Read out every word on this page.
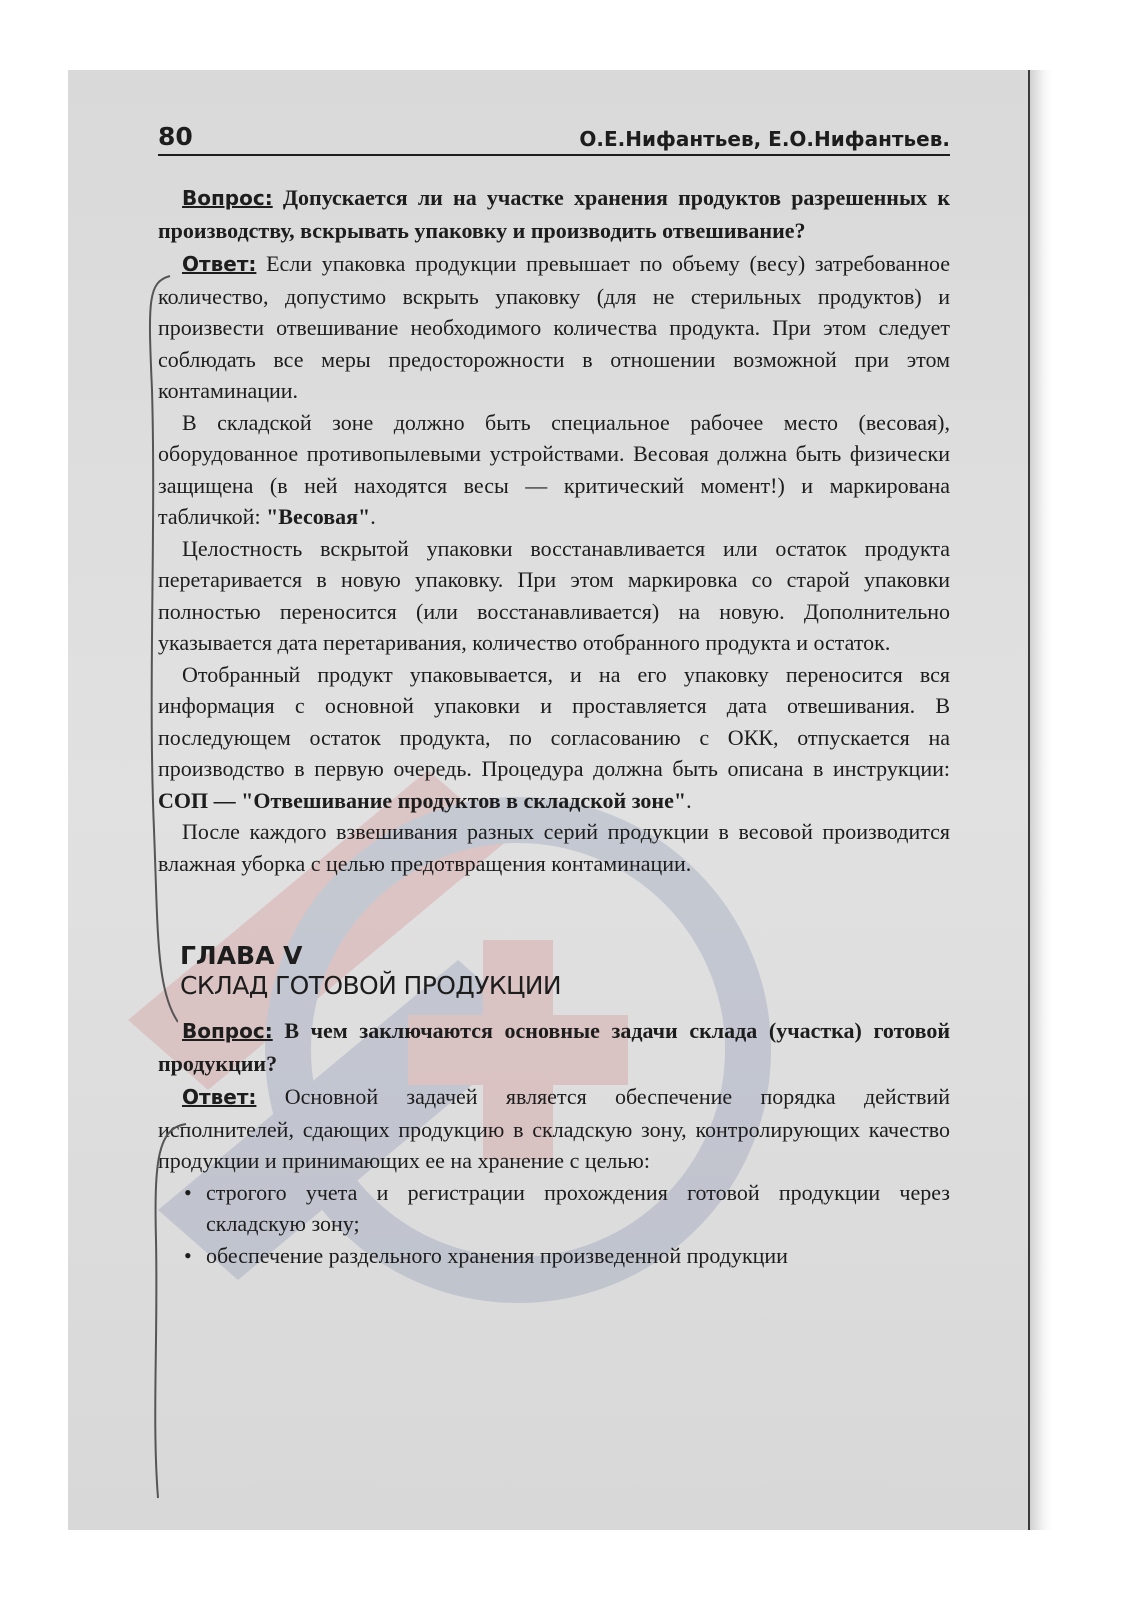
80	О.Е.Нифантьев, Е.О.Нифантьев.

Вопрос: Допускается ли на участке хранения продуктов разрешенных к производству, вскрывать упаковку и производить отвешивание?

Ответ: Если упаковка продукции превышает по объему (весу) затребованное количество, допустимо вскрыть упаковку (для не стерильных продуктов) и произвести отвешивание необходимого количества продукта. При этом следует соблюдать все меры предосторожности в отношении возможной при этом контаминации.

В складской зоне должно быть специальное рабочее место (весовая), оборудованное противопылевыми устройствами. Весовая должна быть физически защищена (в ней находятся весы — критический момент!) и маркирована табличкой: "Весовая".

Целостность вскрытой упаковки восстанавливается или остаток продукта перетаривается в новую упаковку. При этом маркировка со старой упаковки полностью переносится (или восстанавливается) на новую. Дополнительно указывается дата перетаривания, количество отобранного продукта и остаток.

Отобранный продукт упаковывается, и на его упаковку переносится вся информация с основной упаковки и проставляется дата отвешивания. В последующем остаток продукта, по согласованию с ОКК, отпускается на производство в первую очередь. Процедура должна быть описана в инструкции: СОП — "Отвешивание продуктов в складской зоне".

После каждого взвешивания разных серий продукции в весовой производится влажная уборка с целью предотвращения контаминации.

ГЛАВА V
СКЛАД ГОТОВОЙ ПРОДУКЦИИ

Вопрос: В чем заключаются основные задачи склада (участка) готовой продукции?

Ответ: Основной задачей является обеспечение порядка действий исполнителей, сдающих продукцию в складскую зону, контролирующих качество продукции и принимающих ее на хранение с целью:

• строгого учета и регистрации прохождения готовой продукции через складскую зону;
• обеспечение раздельного хранения произведенной продукции
